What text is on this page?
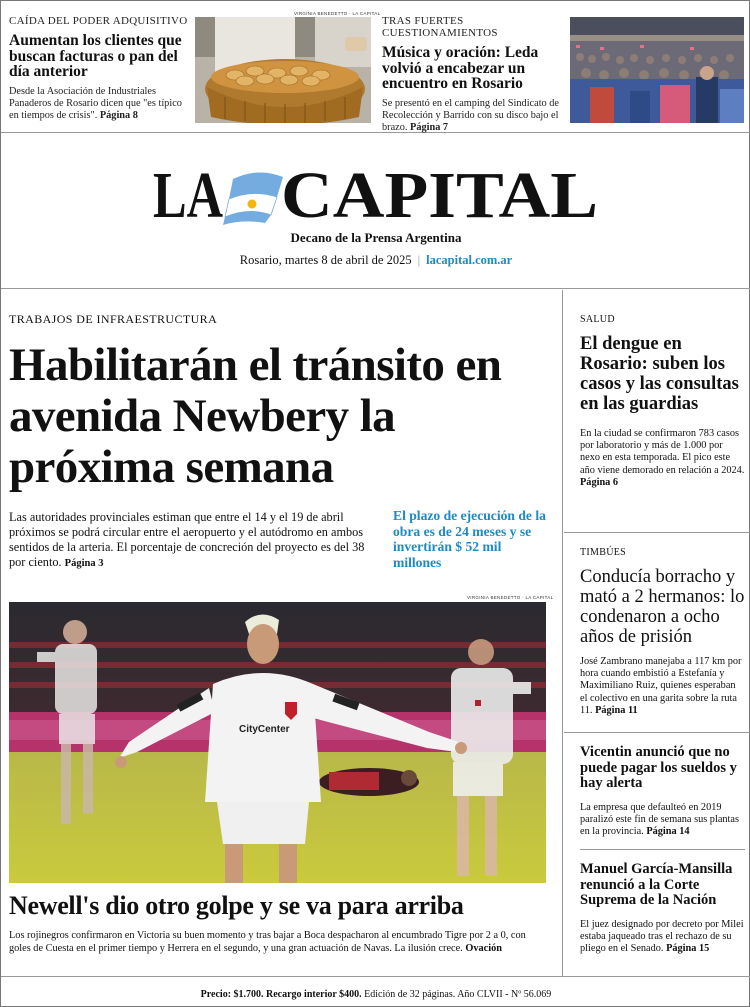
CAÍDA DEL PODER ADQUISITIVO
Aumentan los clientes que buscan facturas o pan del día anterior
Desde la Asociación de Industriales Panaderos de Rosario dicen que "es típico en tiempos de crisis". Página 8
VIRGINIA BENEDETTO · LA CAPITAL
TRAS FUERTES CUESTIONAMIENTOS
Música y oración: Leda volvió a encabezar un encuentro en Rosario
Se presentó en el camping del Sindicato de Recolección y Barrido con su disco bajo el brazo. Página 7
LA CAPITAL
Decano de la Prensa Argentina
Rosario, martes 8 de abril de 2025 | lacapital.com.ar
TRABAJOS DE INFRAESTRUCTURA
Habilitarán el tránsito en avenida Newbery la próxima semana
Las autoridades provinciales estiman que entre el 14 y el 19 de abril próximos se podrá circular entre el aeropuerto y el autódromo en ambos sentidos de la arteria. El porcentaje de concreción del proyecto es del 38 por ciento. Página 3
El plazo de ejecución de la obra es de 24 meses y se invertirán $ 52 mil millones
VIRGINIA BENEDETTO · LA CAPITAL
CityCenter
Newell's dio otro golpe y se va para arriba
Los rojinegros confirmaron en Victoria su buen momento y tras bajar a Boca despacharon al encumbrado Tigre por 2 a 0, con goles de Cuesta en el primer tiempo y Herrera en el segundo, y una gran actuación de Navas. La ilusión crece. Ovación
SALUD
El dengue en Rosario: suben los casos y las consultas en las guardias
En la ciudad se confirmaron 783 casos por laboratorio y más de 1.000 por nexo en esta temporada. El pico este año viene demorado en relación a 2024. Página 6
TIMBÚES
Conducía borracho y mató a 2 hermanos: lo condenaron a ocho años de prisión
José Zambrano manejaba a 117 km por hora cuando embistió a Estefanía y Maximiliano Ruiz, quienes esperaban el colectivo en una garita sobre la ruta 11. Página 11
Vicentin anunció que no puede pagar los sueldos y hay alerta
La empresa que defaulteó en 2019 paralizó este fin de semana sus plantas en la provincia. Página 14
Manuel García-Mansilla renunció a la Corte Suprema de la Nación
El juez designado por decreto por Milei estaba jaqueado tras el rechazo de su pliego en el Senado. Página 15
Precio: $1.700. Recargo interior $400. Edición de 32 páginas. Año CLVII - Nº 56.069
